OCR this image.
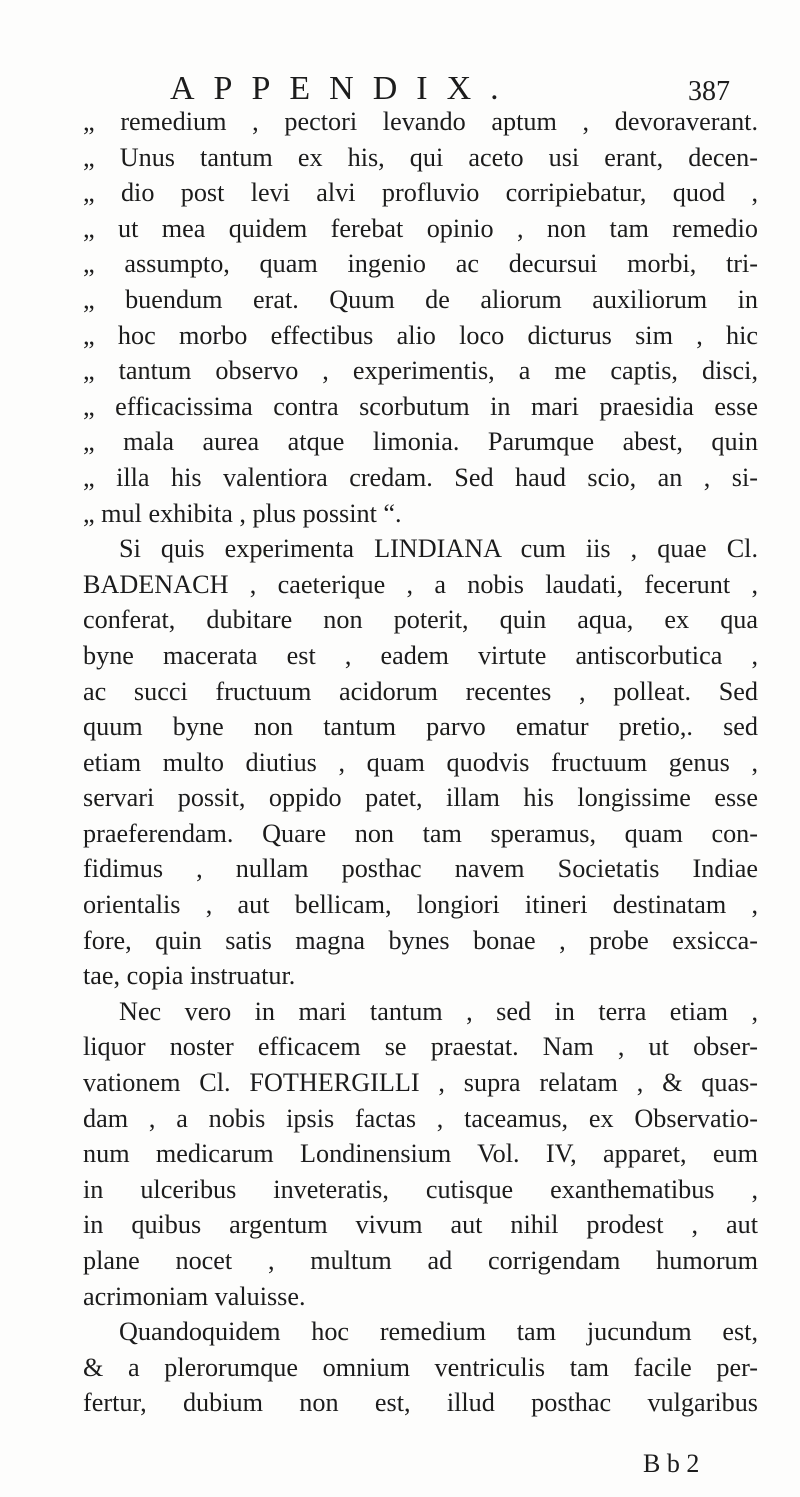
APPENDIX.	387
„ remedium , pectori levando aptum , devoraverant.
„ Unus tantum ex his, qui aceto usi erant, decen-
„ dio post levi alvi profluvio corripiebatur, quod ,
„ ut mea quidem ferebat opinio , non tam remedio
„ assumpto, quam ingenio ac decursui morbi, tri-
„ buendum erat. Quum de aliorum auxiliorum in
„ hoc morbo effectibus alio loco dicturus sim , hic
„ tantum observo , experimentis, a me captis, disci,
„ efficacissima contra scorbutum in mari praesidia esse
„ mala aurea atque limonia. Parumque abest, quin
„ illa his valentiora credam. Sed haud scio, an , si-
„ mul exhibita , plus possint “.
Si quis experimenta LINDIANA cum iis , quae Cl.
BADENACH , caeterique , a nobis laudati, fecerunt ,
conferat, dubitare non poterit, quin aqua, ex qua
byne macerata est , eadem virtute antiscorbutica ,
ac succi fructuum acidorum recentes , polleat. Sed
quum byne non tantum parvo ematur pretio,. sed
etiam multo diutius , quam quodvis fructuum genus ,
servari possit, oppido patet, illam his longissime esse
praeferendam. Quare non tam speramus, quam con-
fidimus , nullam posthac navem Societatis Indiae
orientalis , aut bellicam, longiori itineri destinatam ,
fore, quin satis magna bynes bonae , probe exsicca-
tae, copia instruatur.
Nec vero in mari tantum , sed in terra etiam ,
liquor noster efficacem se praestat. Nam , ut obser-
vationem Cl. FOTHERGILLI , supra relatam , & quas-
dam , a nobis ipsis factas , taceamus, ex Observatio-
num medicarum Londinensium Vol. IV, apparet, eum
in ulceribus inveteratis, cutisque exanthematibus ,
in quibus argentum vivum aut nihil prodest , aut
plane nocet , multum ad corrigendam humorum
acrimoniam valuisse.
Quandoquidem hoc remedium tam jucundum est,
& a plerorumque omnium ventriculis tam facile per-
fertur, dubium non est, illud posthac vulgaribus
B b 2
